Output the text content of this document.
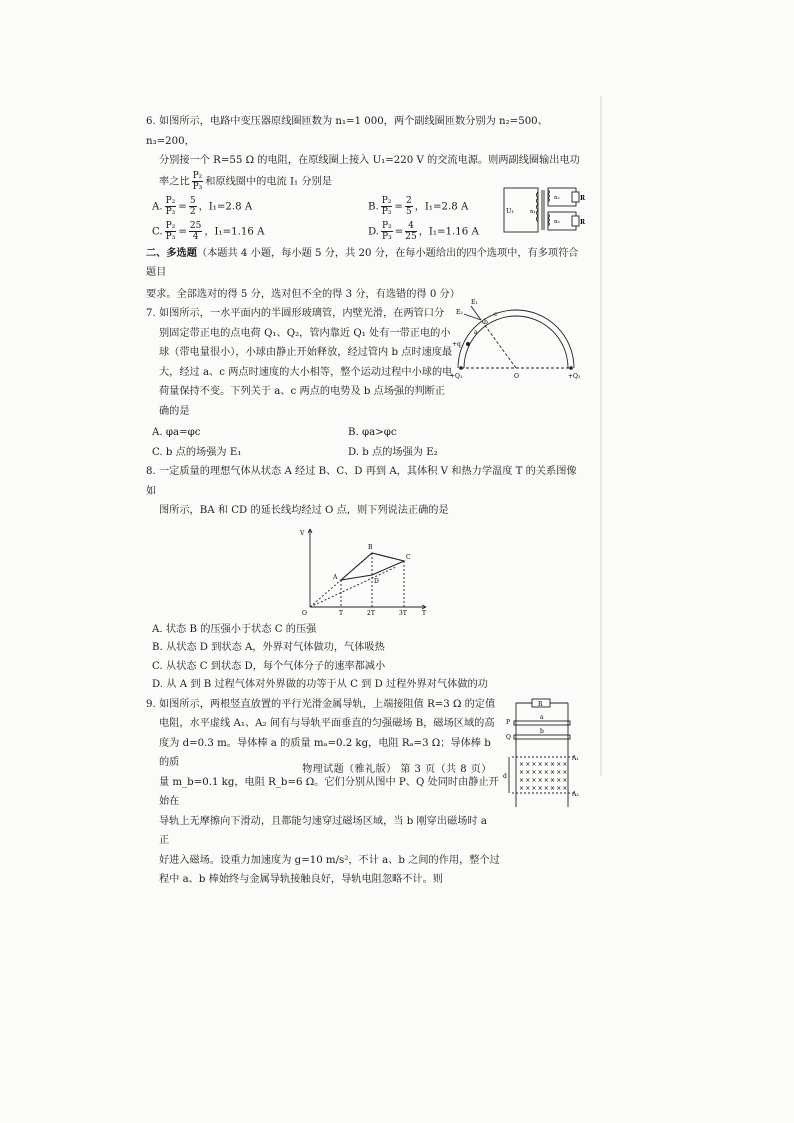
6. 如图所示，电路中变压器原线圈匝数为 n₁=1 000，两个副线圈匝数分别为 n₂=500、n₃=200，

分别接一个 R=55 Ω 的电阻，在原线圈上接入 U₁=220 V 的交流电源。则两副线圈输出电功

率之比 $\frac{\text{P₂}}{\text{P₃}}$ 和原线圈中的电流 I₁ 分别是

A. $\frac{\text{P₂}}{\text{P₃}} = \frac{5}{2}$ ，I₁=2.8 A	B. $\frac{\text{P₂}}{\text{P₃}} = \frac{2}{5}$ ，I₁=2.8 A
C. $\frac{\text{P₂}}{\text{P₃}} = \frac{25}{4}$ ，I₁=1.16 A	D. $\frac{\text{P₂}}{\text{P₃}} = \frac{4}{25}$ ，I₁=1.16 A
U₁	n₁
n₂
n₃
R
R

二、多选题（本题共 4 小题，每小题 5 分，共 20 分，在每小题给出的四个选项中，有多项符合题目

要求。全部选对的得 5 分，选对但不全的得 3 分，有选错的得 0 分）

7. 如图所示，一水平面内的半圆形玻璃管，内壁光滑，在两管口分

别固定带正电的点电荷 Q₁、Q₂，管内靠近 Q₁ 处有一带正电的小

球（带电量很小），小球由静止开始释放，经过管内 b 点时速度最

大，经过 a、c 两点时速度的大小相等，整个运动过程中小球的电

荷量保持不变。下列关于 a、c 两点的电势及 b 点场强的判断正

确的是

A. φa=φc	B. φa>φc
C. b 点的场强为 E₁	D. b 点的场强为 E₂
E₁
E₂
a
b
c
+q
+Q₁	+Q₂
O

8. 一定质量的理想气体从状态 A 经过 B、C、D 再到 A，其体积 V 和热力学温度 T 的关系图像如

图所示，BA 和 CD 的延长线均经过 O 点，则下列说法正确的是

V
T
O	T	2T	3T
A
B
C
D
A. 状态 B 的压强小于状态 C 的压强
B. 从状态 D 到状态 A，外界对气体做功，气体吸热
C. 从状态 C 到状态 D，每个气体分子的速率都减小
D. 从 A 到 B 过程气体对外界做的功等于从 C 到 D 过程外界对气体做的功

9. 如图所示，两根竖直放置的平行光滑金属导轨，上端接阻值 R=3 Ω 的定值

电阻，水平虚线 A₁、A₂ 间有与导轨平面垂直的匀强磁场 B，磁场区域的高

度为 d=0.3 m。导体棒 a 的质量 mₐ=0.2 kg，电阻 Rₐ=3 Ω；导体棒 b 的质

量 m_b=0.1 kg，电阻 R_b=6 Ω。它们分别从图中 P、Q 处同时由静止开始在

导轨上无摩擦向下滑动，且都能匀速穿过磁场区域，当 b 刚穿出磁场时 a 正

好进入磁场。设重力加速度为 g=10 m/s²，不计 a、b 之间的作用，整个过

程中 a、b 棒始终与金属导轨接触良好，导轨电阻忽略不计。则

R
P
Q
a
b
A₁
A₂
d
× × × × × × × ×
× × × × × × × ×
× × × × × × × ×
× × × × × × × ×
物理试题（雅礼版） 第 3 页（共 8 页）
